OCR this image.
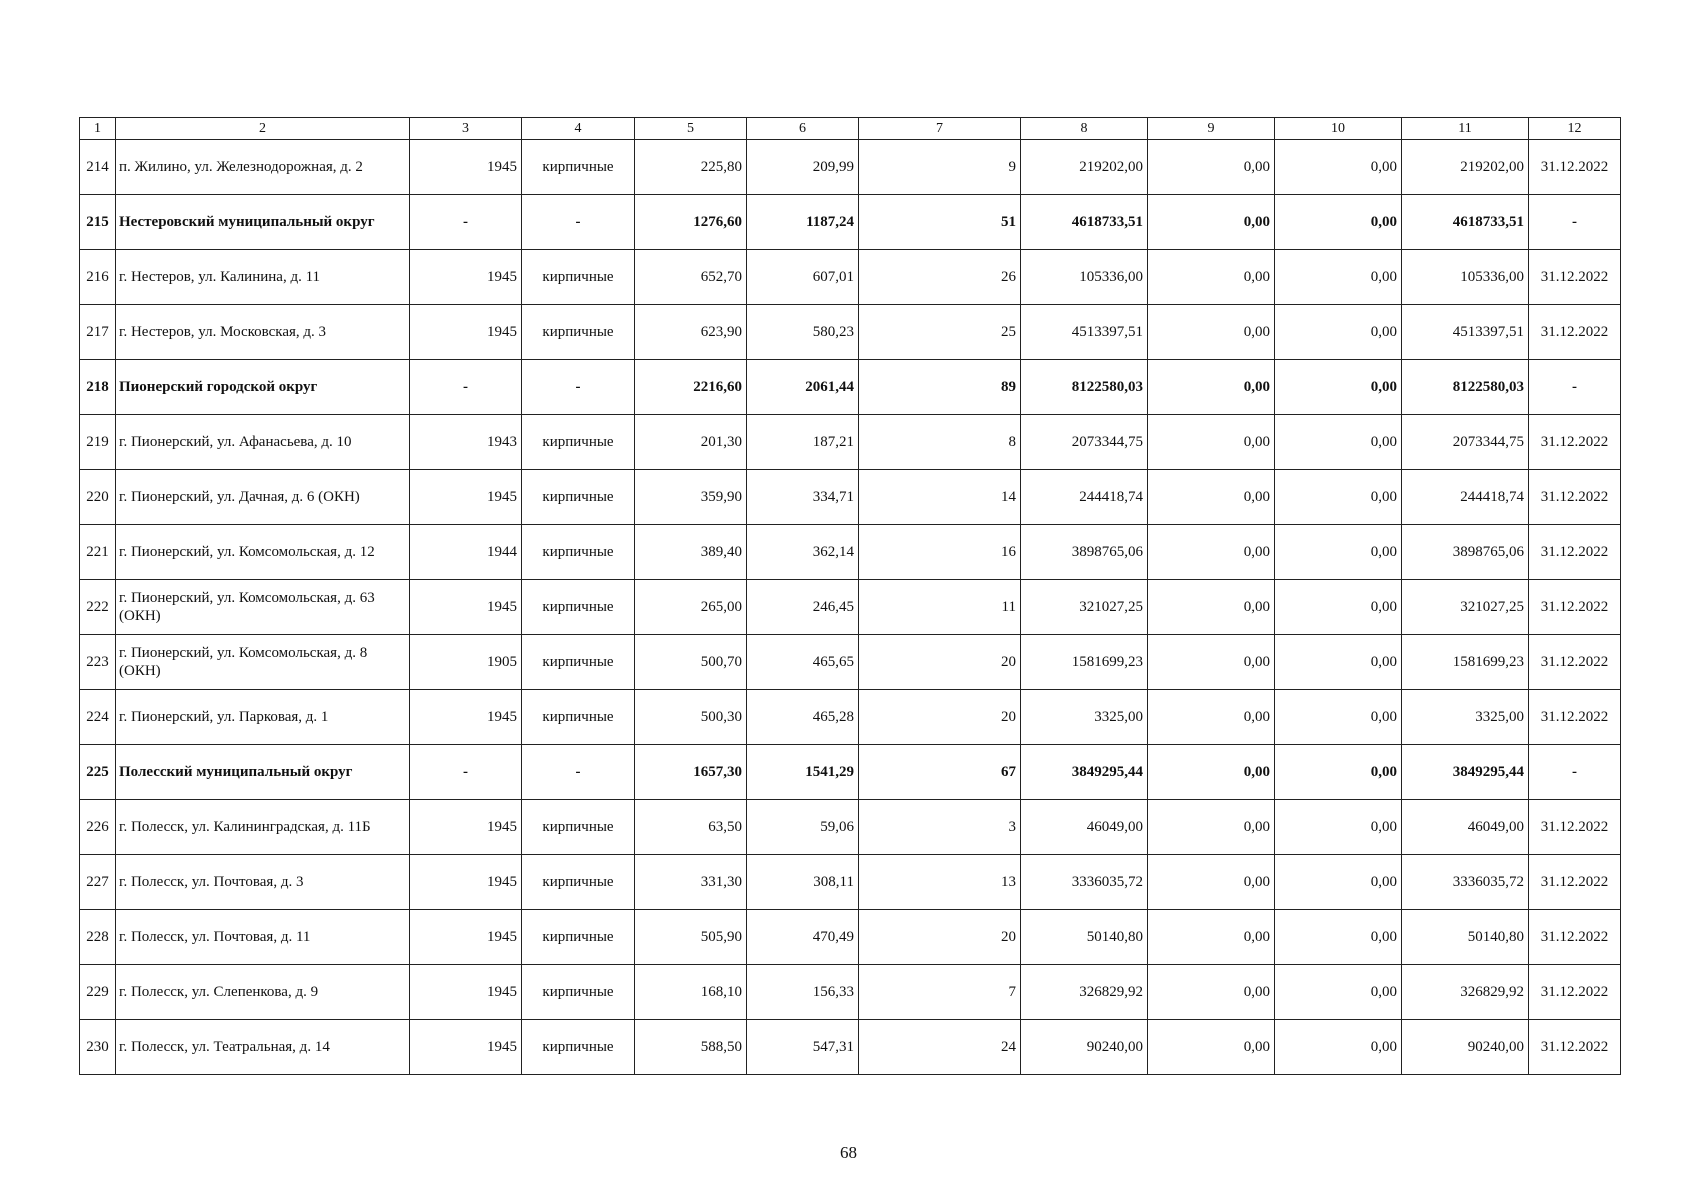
1	2	3	4	5	6	7	8	9	10	11	12
214	п. Жилино, ул. Железнодорожная, д. 2	1945	кирпичные	225,80	209,99	9	219202,00	0,00	0,00	219202,00	31.12.2022
215	Нестеровский муниципальный округ	-	-	1276,60	1187,24	51	4618733,51	0,00	0,00	4618733,51	-
216	г. Нестеров, ул. Калинина, д. 11	1945	кирпичные	652,70	607,01	26	105336,00	0,00	0,00	105336,00	31.12.2022
217	г. Нестеров, ул. Московская, д. 3	1945	кирпичные	623,90	580,23	25	4513397,51	0,00	0,00	4513397,51	31.12.2022
218	Пионерский городской округ	-	-	2216,60	2061,44	89	8122580,03	0,00	0,00	8122580,03	-
219	г. Пионерский, ул. Афанасьева, д. 10	1943	кирпичные	201,30	187,21	8	2073344,75	0,00	0,00	2073344,75	31.12.2022
220	г. Пионерский, ул. Дачная, д. 6 (ОКН)	1945	кирпичные	359,90	334,71	14	244418,74	0,00	0,00	244418,74	31.12.2022
221	г. Пионерский, ул. Комсомольская, д. 12	1944	кирпичные	389,40	362,14	16	3898765,06	0,00	0,00	3898765,06	31.12.2022
222	г. Пионерский, ул. Комсомольская, д. 63 (ОКН)	1945	кирпичные	265,00	246,45	11	321027,25	0,00	0,00	321027,25	31.12.2022
223	г. Пионерский, ул. Комсомольская, д. 8 (ОКН)	1905	кирпичные	500,70	465,65	20	1581699,23	0,00	0,00	1581699,23	31.12.2022
224	г. Пионерский, ул. Парковая, д. 1	1945	кирпичные	500,30	465,28	20	3325,00	0,00	0,00	3325,00	31.12.2022
225	Полесский муниципальный округ	-	-	1657,30	1541,29	67	3849295,44	0,00	0,00	3849295,44	-
226	г. Полесск, ул. Калининградская, д. 11Б	1945	кирпичные	63,50	59,06	3	46049,00	0,00	0,00	46049,00	31.12.2022
227	г. Полесск, ул. Почтовая, д. 3	1945	кирпичные	331,30	308,11	13	3336035,72	0,00	0,00	3336035,72	31.12.2022
228	г. Полесск, ул. Почтовая, д. 11	1945	кирпичные	505,90	470,49	20	50140,80	0,00	0,00	50140,80	31.12.2022
229	г. Полесск, ул. Слепенкова, д. 9	1945	кирпичные	168,10	156,33	7	326829,92	0,00	0,00	326829,92	31.12.2022
230	г. Полесск, ул. Театральная, д. 14	1945	кирпичные	588,50	547,31	24	90240,00	0,00	0,00	90240,00	31.12.2022
68
